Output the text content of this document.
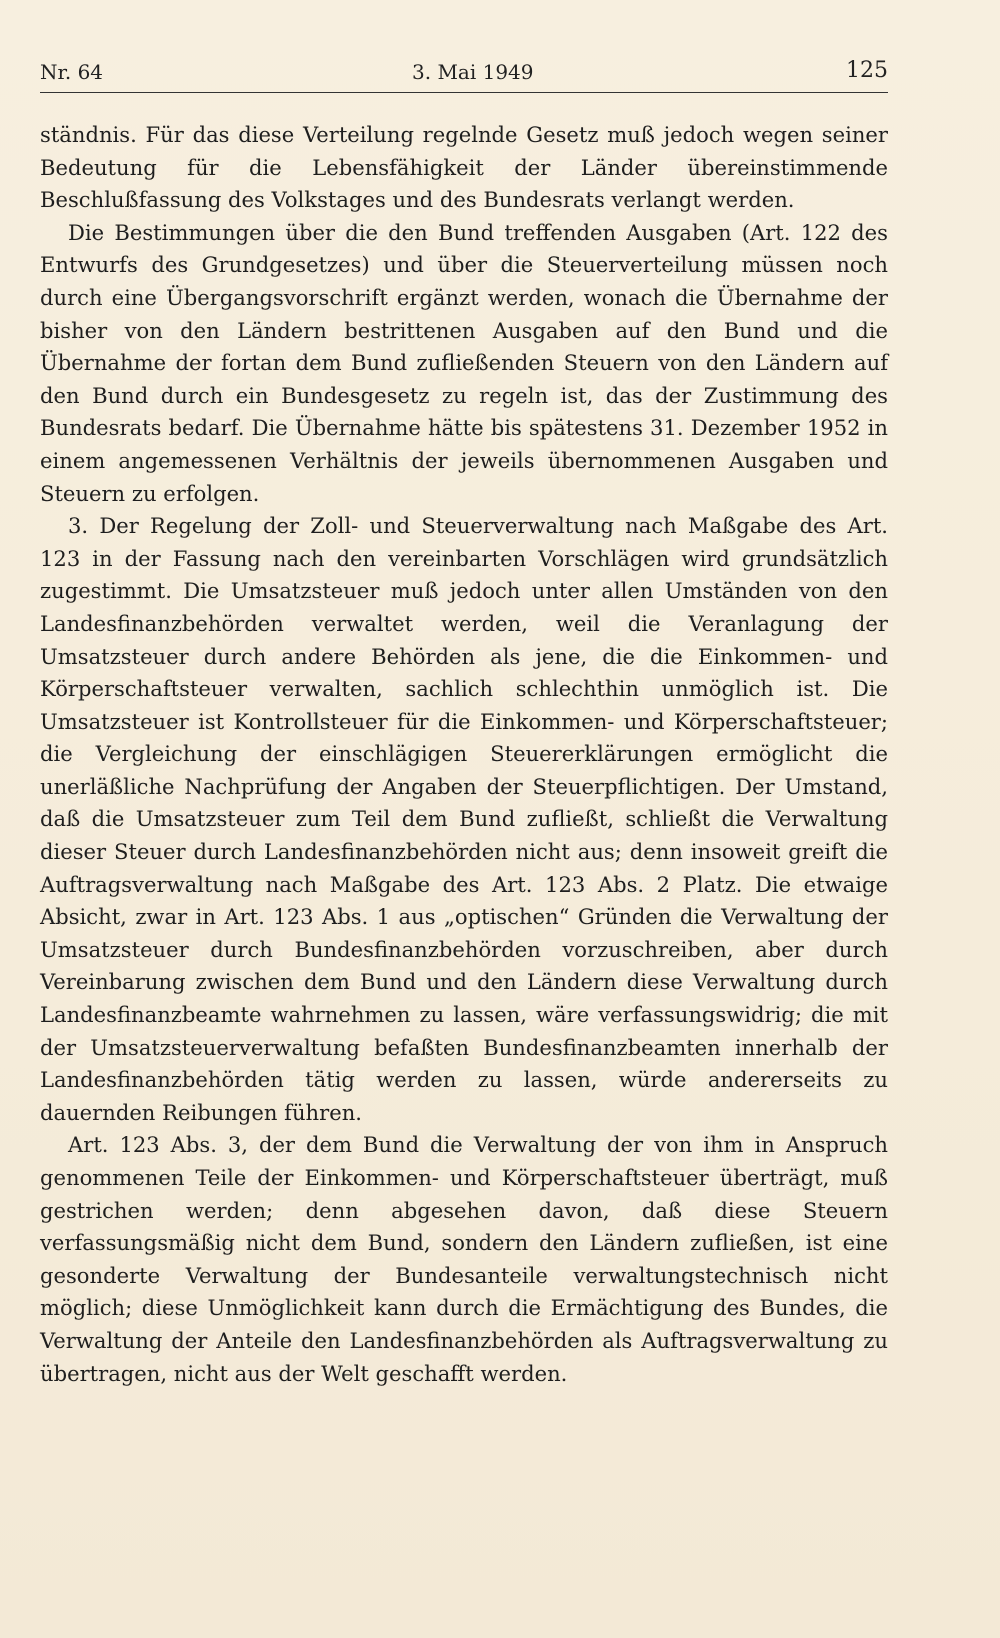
Nr. 64	3. Mai 1949	125

ständnis. Für das diese Verteilung regelnde Gesetz muß jedoch wegen seiner Bedeutung für die Lebensfähigkeit der Länder übereinstimmende Beschlußfassung des Volkstages und des Bundesrats verlangt werden.

Die Bestimmungen über die den Bund treffenden Ausgaben (Art. 122 des Entwurfs des Grundgesetzes) und über die Steuerverteilung müssen noch durch eine Übergangsvorschrift ergänzt werden, wonach die Übernahme der bisher von den Ländern bestrittenen Ausgaben auf den Bund und die Übernahme der fortan dem Bund zufließenden Steuern von den Ländern auf den Bund durch ein Bundesgesetz zu regeln ist, das der Zustimmung des Bundesrats bedarf. Die Übernahme hätte bis spätestens 31. Dezember 1952 in einem angemessenen Verhältnis der jeweils übernommenen Ausgaben und Steuern zu erfolgen.

3. Der Regelung der Zoll- und Steuerverwaltung nach Maßgabe des Art. 123 in der Fassung nach den vereinbarten Vorschlägen wird grundsätzlich zugestimmt. Die Umsatzsteuer muß jedoch unter allen Umständen von den Landesfinanzbehörden verwaltet werden, weil die Veranlagung der Umsatzsteuer durch andere Behörden als jene, die die Einkommen- und Körperschaftsteuer verwalten, sachlich schlechthin unmöglich ist. Die Umsatzsteuer ist Kontrollsteuer für die Einkommen- und Körperschaftsteuer; die Vergleichung der einschlägigen Steuererklärungen ermöglicht die unerläßliche Nachprüfung der Angaben der Steuerpflichtigen. Der Umstand, daß die Umsatzsteuer zum Teil dem Bund zufließt, schließt die Verwaltung dieser Steuer durch Landesfinanzbehörden nicht aus; denn insoweit greift die Auftragsverwaltung nach Maßgabe des Art. 123 Abs. 2 Platz. Die etwaige Absicht, zwar in Art. 123 Abs. 1 aus „optischen“ Gründen die Verwaltung der Umsatzsteuer durch Bundesfinanzbehörden vorzuschreiben, aber durch Vereinbarung zwischen dem Bund und den Ländern diese Verwaltung durch Landesfinanzbeamte wahrnehmen zu lassen, wäre verfassungswidrig; die mit der Umsatzsteuerverwaltung befaßten Bundesfinanzbeamten innerhalb der Landesfinanzbehörden tätig werden zu lassen, würde andererseits zu dauernden Reibungen führen.

Art. 123 Abs. 3, der dem Bund die Verwaltung der von ihm in Anspruch genommenen Teile der Einkommen- und Körperschaftsteuer überträgt, muß gestrichen werden; denn abgesehen davon, daß diese Steuern verfassungsmäßig nicht dem Bund, sondern den Ländern zufließen, ist eine gesonderte Verwaltung der Bundesanteile verwaltungstechnisch nicht möglich; diese Unmöglichkeit kann durch die Ermächtigung des Bundes, die Verwaltung der Anteile den Landesfinanzbehörden als Auftragsverwaltung zu übertragen, nicht aus der Welt geschafft werden.
